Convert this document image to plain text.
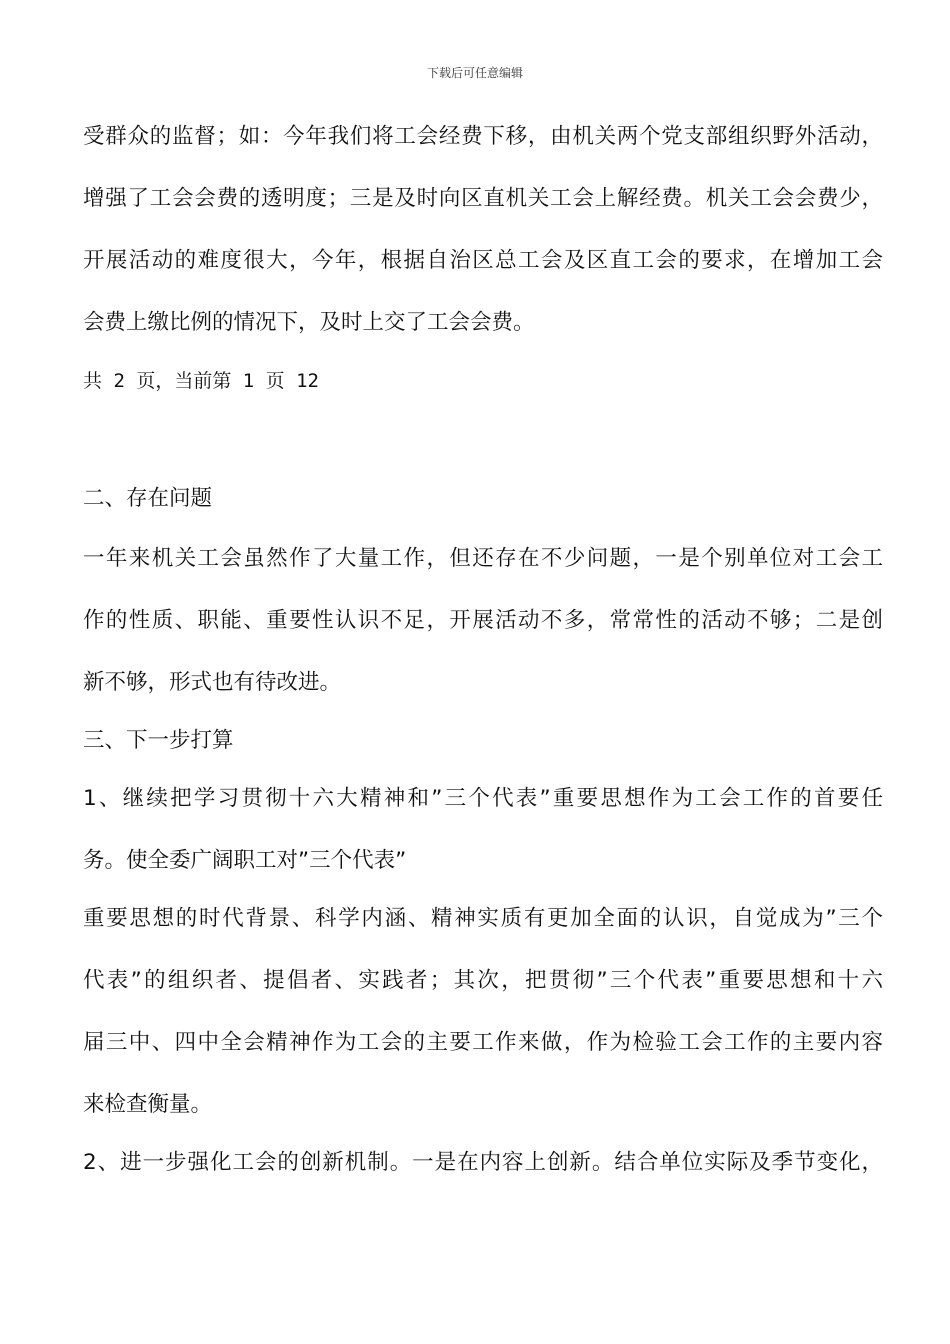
下载后可任意编辑
受群众的监督；如：今年我们将工会经费下移，由机关两个党支部组织野外活动，
增强了工会会费的透明度；三是及时向区直机关工会上解经费。机关工会会费少，
开展活动的难度很大，今年，根据自治区总工会及区直工会的要求，在增加工会
会费上缴比例的情况下，及时上交了工会会费。
共 2 页，当前第 1 页 12
二、存在问题
一年来机关工会虽然作了大量工作，但还存在不少问题，一是个别单位对工会工
作的性质、职能、重要性认识不足，开展活动不多，常常性的活动不够；二是创
新不够，形式也有待改进。
三、下一步打算
1、继续把学习贯彻十六大精神和”三个代表”重要思想作为工会工作的首要任
务。使全委广阔职工对”三个代表”
重要思想的时代背景、科学内涵、精神实质有更加全面的认识，自觉成为”三个
代表”的组织者、提倡者、实践者；其次，把贯彻”三个代表”重要思想和十六
届三中、四中全会精神作为工会的主要工作来做，作为检验工会工作的主要内容
来检查衡量。
2、进一步强化工会的创新机制。一是在内容上创新。结合单位实际及季节变化，
